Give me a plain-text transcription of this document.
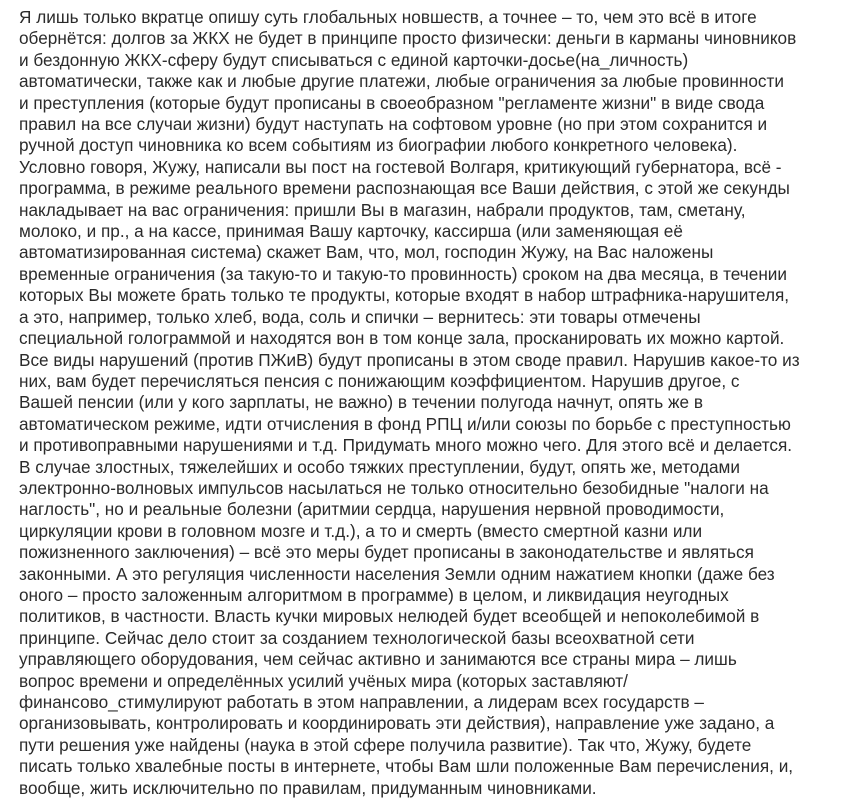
Я лишь только вкратце опишу суть глобальных новшеств, а точнее – то, чем это всё в итоге
обернётся: долгов за ЖКХ не будет в принципе просто физически: деньги в карманы чиновников
и бездонную ЖКХ-сферу будут списываться с единой карточки-досье(на_личность)
автоматически, также как и любые другие платежи, любые ограничения за любые провинности
и преступления (которые будут прописаны в своеобразном "регламенте жизни" в виде свода
правил на все случаи жизни) будут наступать на софтовом уровне (но при этом сохранится и
ручной доступ чиновника ко всем событиям из биографии любого конкретного человека).
Условно говоря, Жужу, написали вы пост на гостевой Волгаря, критикующий губернатора, всё -
программа, в режиме реального времени распознающая все Ваши действия, с этой же секунды
накладывает на вас ограничения: пришли Вы в магазин, набрали продуктов, там, сметану,
молоко, и пр., а на кассе, принимая Вашу карточку, кассирша (или заменяющая её
автоматизированная система) скажет Вам, что, мол, господин Жужу, на Вас наложены
временные ограничения (за такую-то и такую-то провинность) сроком на два месяца, в течении
которых Вы можете брать только те продукты, которые входят в набор штрафника-нарушителя,
а это, например, только хлеб, вода, соль и спички – вернитесь: эти товары отмечены
специальной голограммой и находятся вон в том конце зала, просканировать их можно картой.
Все виды нарушений (против ПЖиВ) будут прописаны в этом своде правил. Нарушив какое-то из
них, вам будет перечисляться пенсия с понижающим коэффициентом. Нарушив другое, с
Вашей пенсии (или у кого зарплаты, не важно) в течении полугода начнут, опять же в
автоматическом режиме, идти отчисления в фонд РПЦ и/или союзы по борьбе с преступностью
и противоправными нарушениями и т.д. Придумать много можно чего. Для этого всё и делается.
В случае злостных, тяжелейших и особо тяжких преступлении, будут, опять же, методами
электронно-волновых импульсов насылаться не только относительно безобидные "налоги на
наглость", но и реальные болезни (аритмии сердца, нарушения нервной проводимости,
циркуляции крови в головном мозге и т.д.), а то и смерть (вместо смертной казни или
пожизненного заключения) – всё это меры будет прописаны в законодательстве и являться
законными. А это регуляция численности населения Земли одним нажатием кнопки (даже без
оного – просто заложенным алгоритмом в программе) в целом, и ликвидация неугодных
политиков, в частности. Власть кучки мировых нелюдей будет всеобщей и непоколебимой в
принципе. Сейчас дело стоит за созданием технологической базы всеохватной сети
управляющего оборудования, чем сейчас активно и занимаются все страны мира – лишь
вопрос времени и определённых усилий учёных мира (которых заставляют/
финансово_стимулируют работать в этом направлении, а лидерам всех государств –
организовывать, контролировать и координировать эти действия), направление уже задано, а
пути решения уже найдены (наука в этой сфере получила развитие). Так что, Жужу, будете
писать только хвалебные посты в интернете, чтобы Вам шли положенные Вам перечисления, и,
вообще, жить исключительно по правилам, придуманным чиновниками.
